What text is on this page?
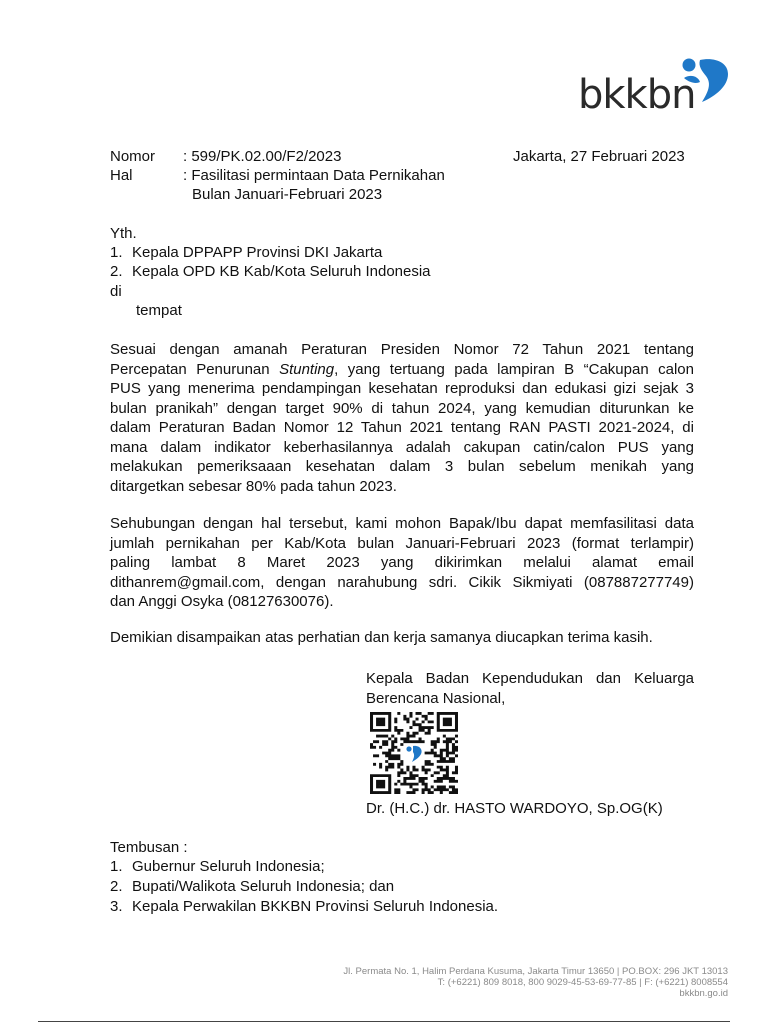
bkkbn
Nomor : 599/PK.02.00/F2/2023	Jakarta, 27 Februari 2023
Hal	: Fasilitasi permintaan Data Pernikahan
Bulan Januari-Februari 2023
Yth.
1. Kepala DPPAPP Provinsi DKI Jakarta
2. Kepala OPD KB Kab/Kota Seluruh Indonesia
di
tempat
Sesuai dengan amanah Peraturan Presiden Nomor 72 Tahun 2021 tentang
Percepatan Penurunan Stunting, yang tertuang pada lampiran B “Cakupan calon
PUS yang menerima pendampingan kesehatan reproduksi dan edukasi gizi sejak 3
bulan pranikah” dengan target 90% di tahun 2024, yang kemudian diturunkan ke
dalam Peraturan Badan Nomor 12 Tahun 2021 tentang RAN PASTI 2021-2024, di
mana dalam indikator keberhasilannya adalah cakupan catin/calon PUS yang
melakukan pemeriksaaan kesehatan dalam 3 bulan sebelum menikah yang
ditargetkan sebesar 80% pada tahun 2023.
Sehubungan dengan hal tersebut, kami mohon Bapak/Ibu dapat memfasilitasi data
jumlah pernikahan per Kab/Kota bulan Januari-Februari 2023 (format terlampir)
paling lambat 8 Maret 2023 yang dikirimkan melalui alamat email
dithanrem@gmail.com, dengan narahubung sdri. Cikik Sikmiyati (087887277749)
dan Anggi Osyka (08127630076).
Demikian disampaikan atas perhatian dan kerja samanya diucapkan terima kasih.
Kepala Badan Kependudukan dan Keluarga
Berencana Nasional,
Dr. (H.C.) dr. HASTO WARDOYO, Sp.OG(K)
Tembusan :
1. Gubernur Seluruh Indonesia;
2. Bupati/Walikota Seluruh Indonesia; dan
3. Kepala Perwakilan BKKBN Provinsi Seluruh Indonesia.
Jl. Permata No. 1, Halim Perdana Kusuma, Jakarta Timur 13650 | PO.BOX: 296 JKT 13013
T: (+6221) 809 8018, 800 9029-45-53-69-77-85 | F: (+6221) 8008554
bkkbn.go.id
